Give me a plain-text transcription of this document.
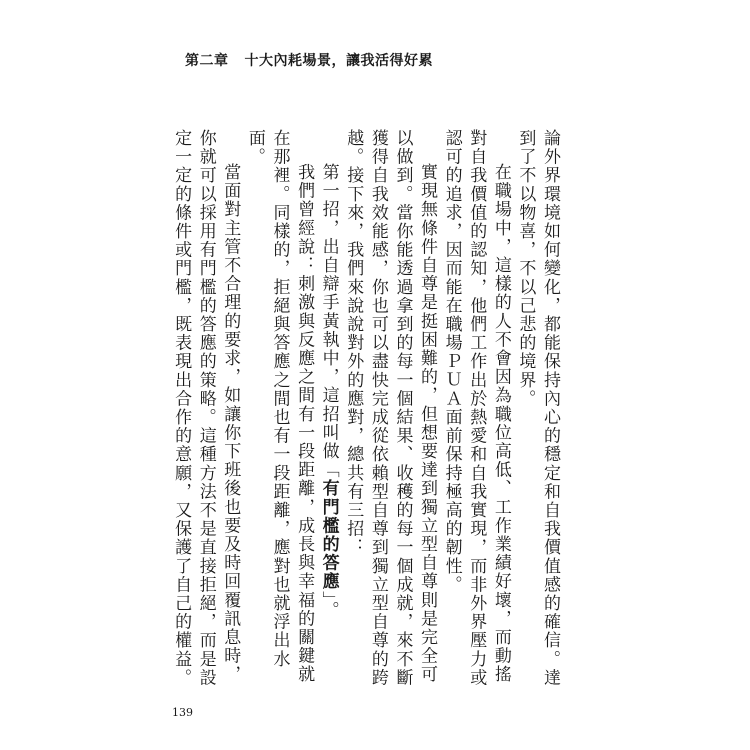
第二章 十大內耗場景，讓我活得好累

論外界環境如何變化，都能保持內心的穩定和自我價值感的確信。達到了不以物喜，不以己悲的境界。

在職場中，這樣的人不會因為職位高低、工作業績好壞，而動搖對自我價值的認知，他們工作出於熱愛和自我實現，而非外界壓力或認可的追求，因而能在職場ＰＵＡ面前保持極高的韌性。

實現無條件自尊是挺困難的，但想要達到獨立型自尊則是完全可以做到。當你能透過拿到的每一個結果、收穫的每一個成就，來不斷獲得自我效能感，你也可以盡快完成從依賴型自尊到獨立型自尊的跨越。接下來，我們來說說對外的應對，總共有三招：

第一招，出自辯手黃執中，這招叫做「有門檻的答應」。

我們曾經說：刺激與反應之間有一段距離，成長與幸福的關鍵就在那裡。同樣的，拒絕與答應之間也有一段距離，應對也就浮出水面。

當面對主管不合理的要求，如讓你下班後也要及時回覆訊息時，你就可以採用有門檻的答應的策略。這種方法不是直接拒絕，而是設定一定的條件或門檻，既表現出合作的意願，又保護了自己的權益。

139
